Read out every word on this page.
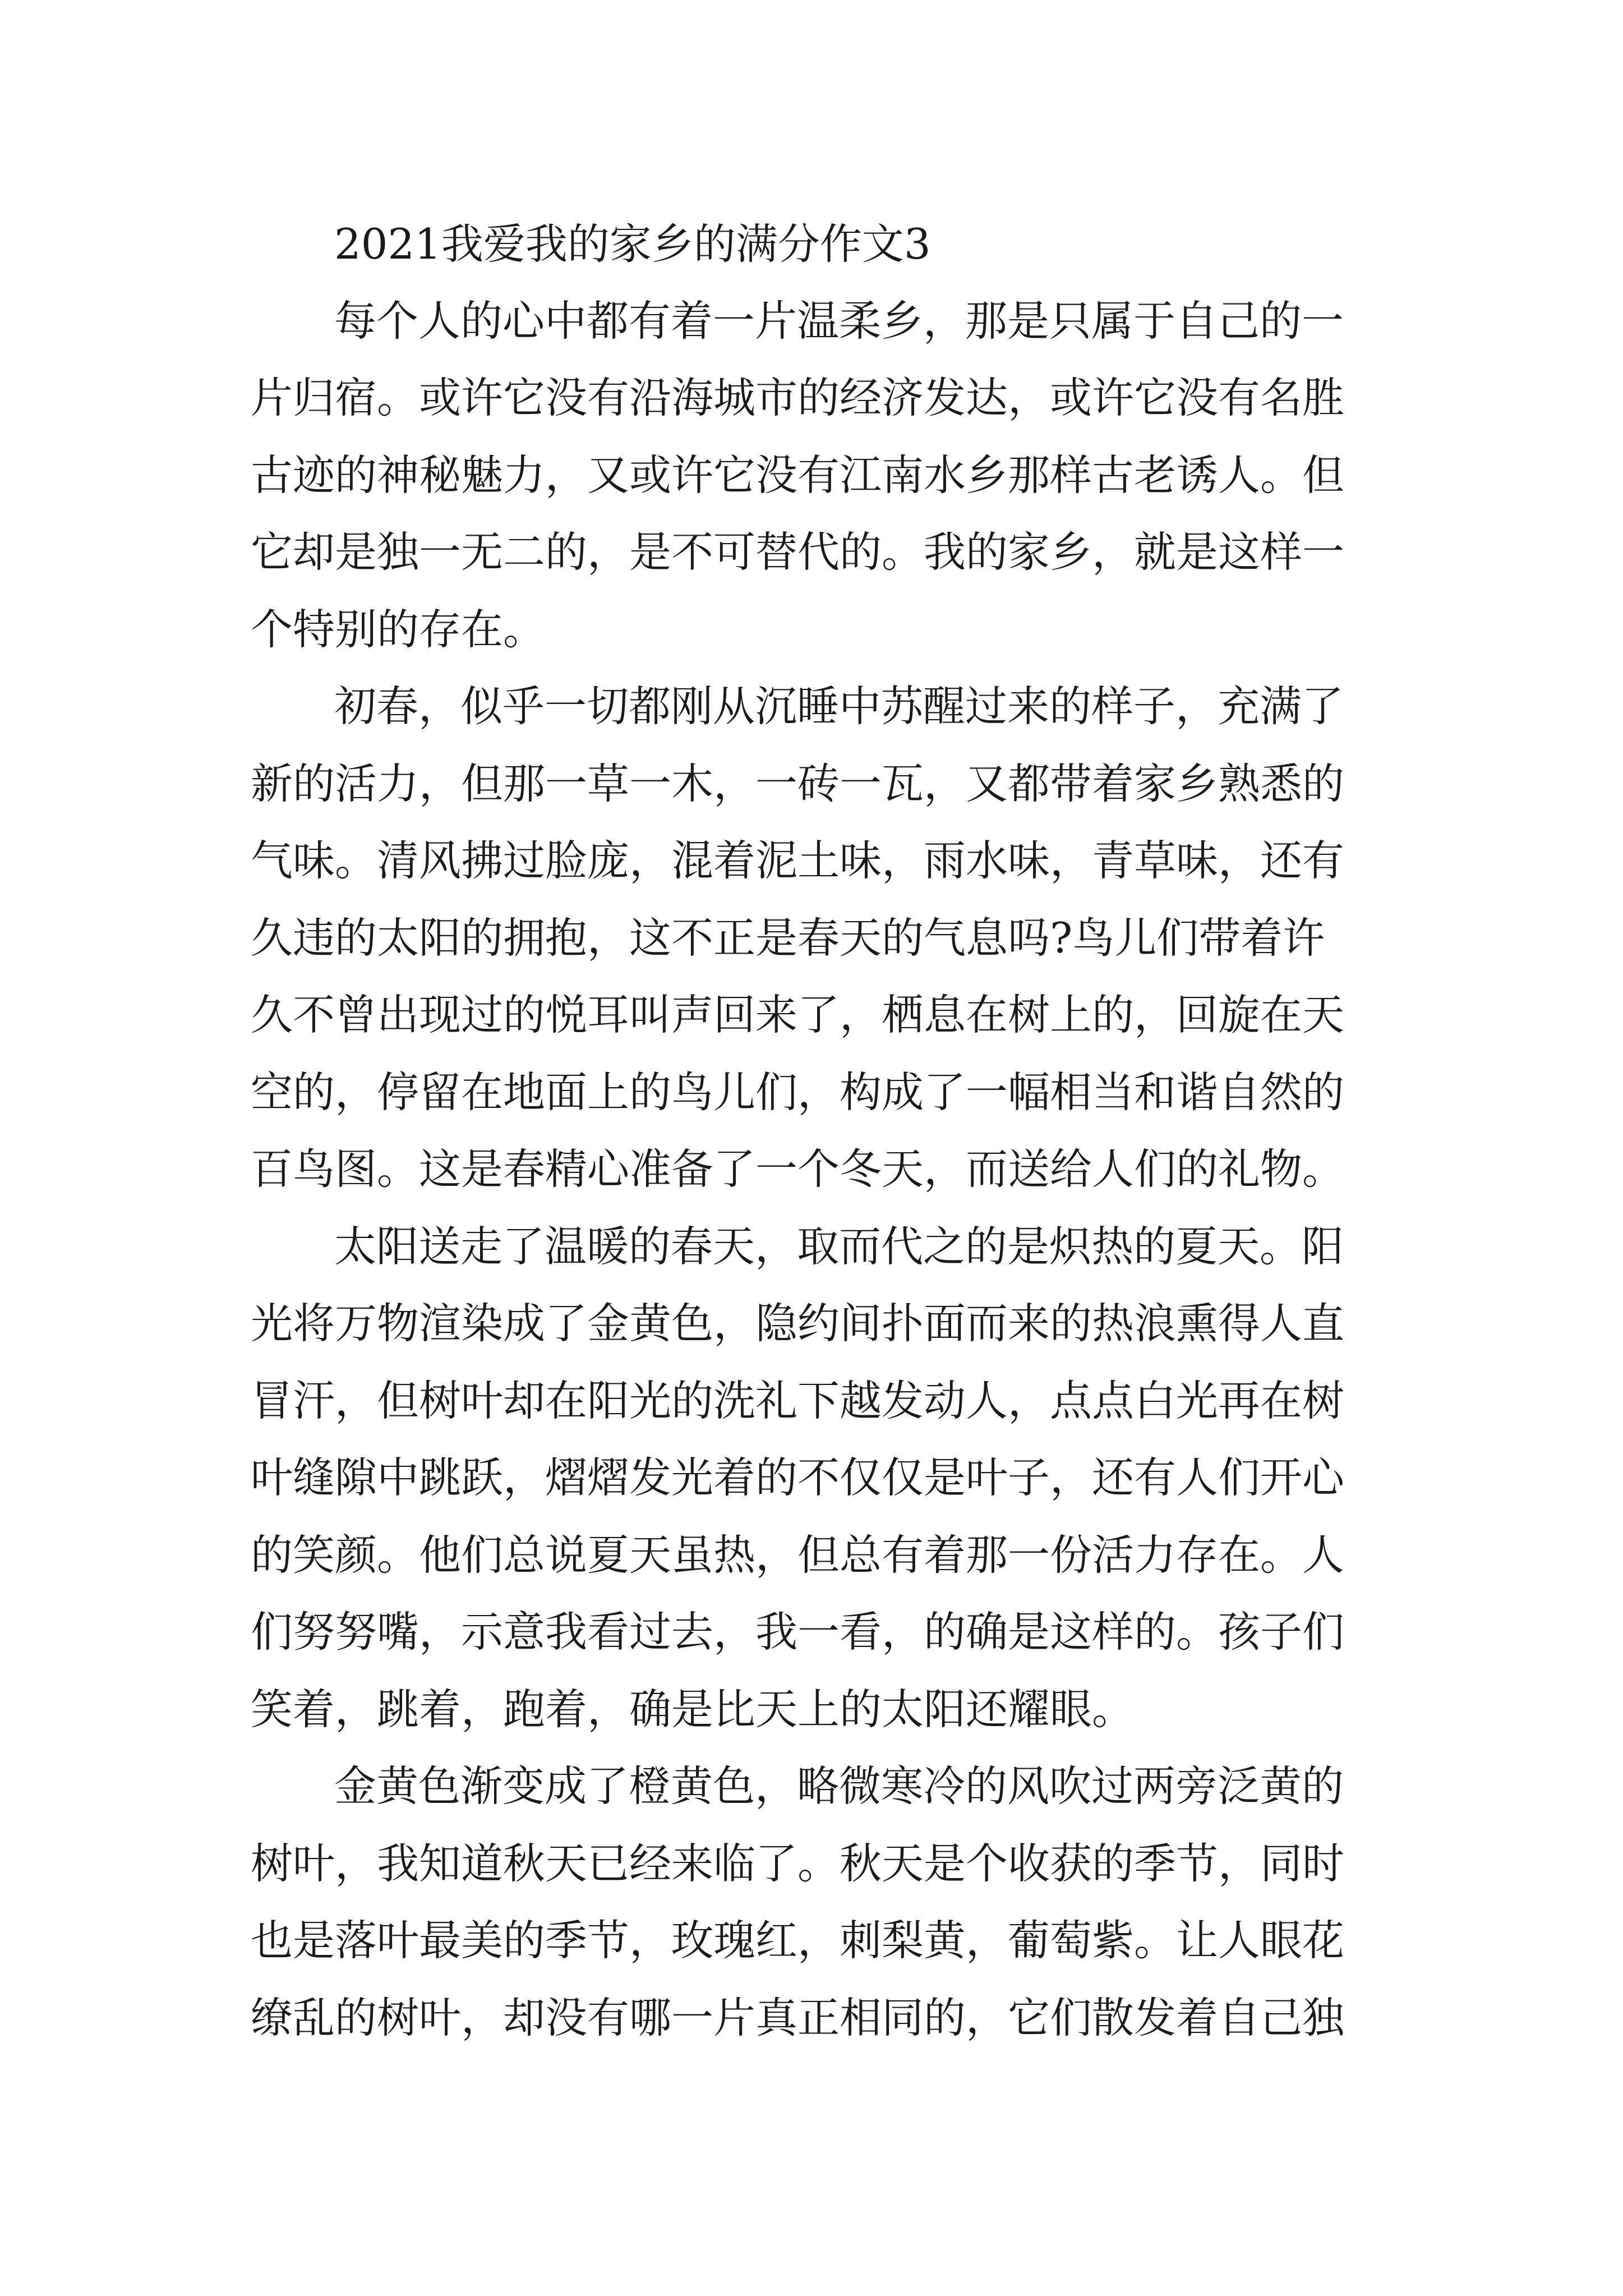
2021我爱我的家乡的满分作文3
每个人的心中都有着一片温柔乡，那是只属于自己的一
片归宿。或许它没有沿海城市的经济发达，或许它没有名胜
古迹的神秘魅力，又或许它没有江南水乡那样古老诱人。但
它却是独一无二的，是不可替代的。我的家乡，就是这样一
个特别的存在。
初春，似乎一切都刚从沉睡中苏醒过来的样子，充满了
新的活力，但那一草一木，一砖一瓦，又都带着家乡熟悉的
气味。清风拂过脸庞，混着泥土味，雨水味，青草味，还有
久违的太阳的拥抱，这不正是春天的气息吗?鸟儿们带着许
久不曾出现过的悦耳叫声回来了，栖息在树上的，回旋在天
空的，停留在地面上的鸟儿们，构成了一幅相当和谐自然的
百鸟图。这是春精心准备了一个冬天，而送给人们的礼物。
太阳送走了温暖的春天，取而代之的是炽热的夏天。阳
光将万物渲染成了金黄色，隐约间扑面而来的热浪熏得人直
冒汗，但树叶却在阳光的洗礼下越发动人，点点白光再在树
叶缝隙中跳跃，熠熠发光着的不仅仅是叶子，还有人们开心
的笑颜。他们总说夏天虽热，但总有着那一份活力存在。人
们努努嘴，示意我看过去，我一看，的确是这样的。孩子们
笑着，跳着，跑着，确是比天上的太阳还耀眼。
金黄色渐变成了橙黄色，略微寒冷的风吹过两旁泛黄的
树叶，我知道秋天已经来临了。秋天是个收获的季节，同时
也是落叶最美的季节，玫瑰红，刺梨黄，葡萄紫。让人眼花
缭乱的树叶，却没有哪一片真正相同的，它们散发着自己独
